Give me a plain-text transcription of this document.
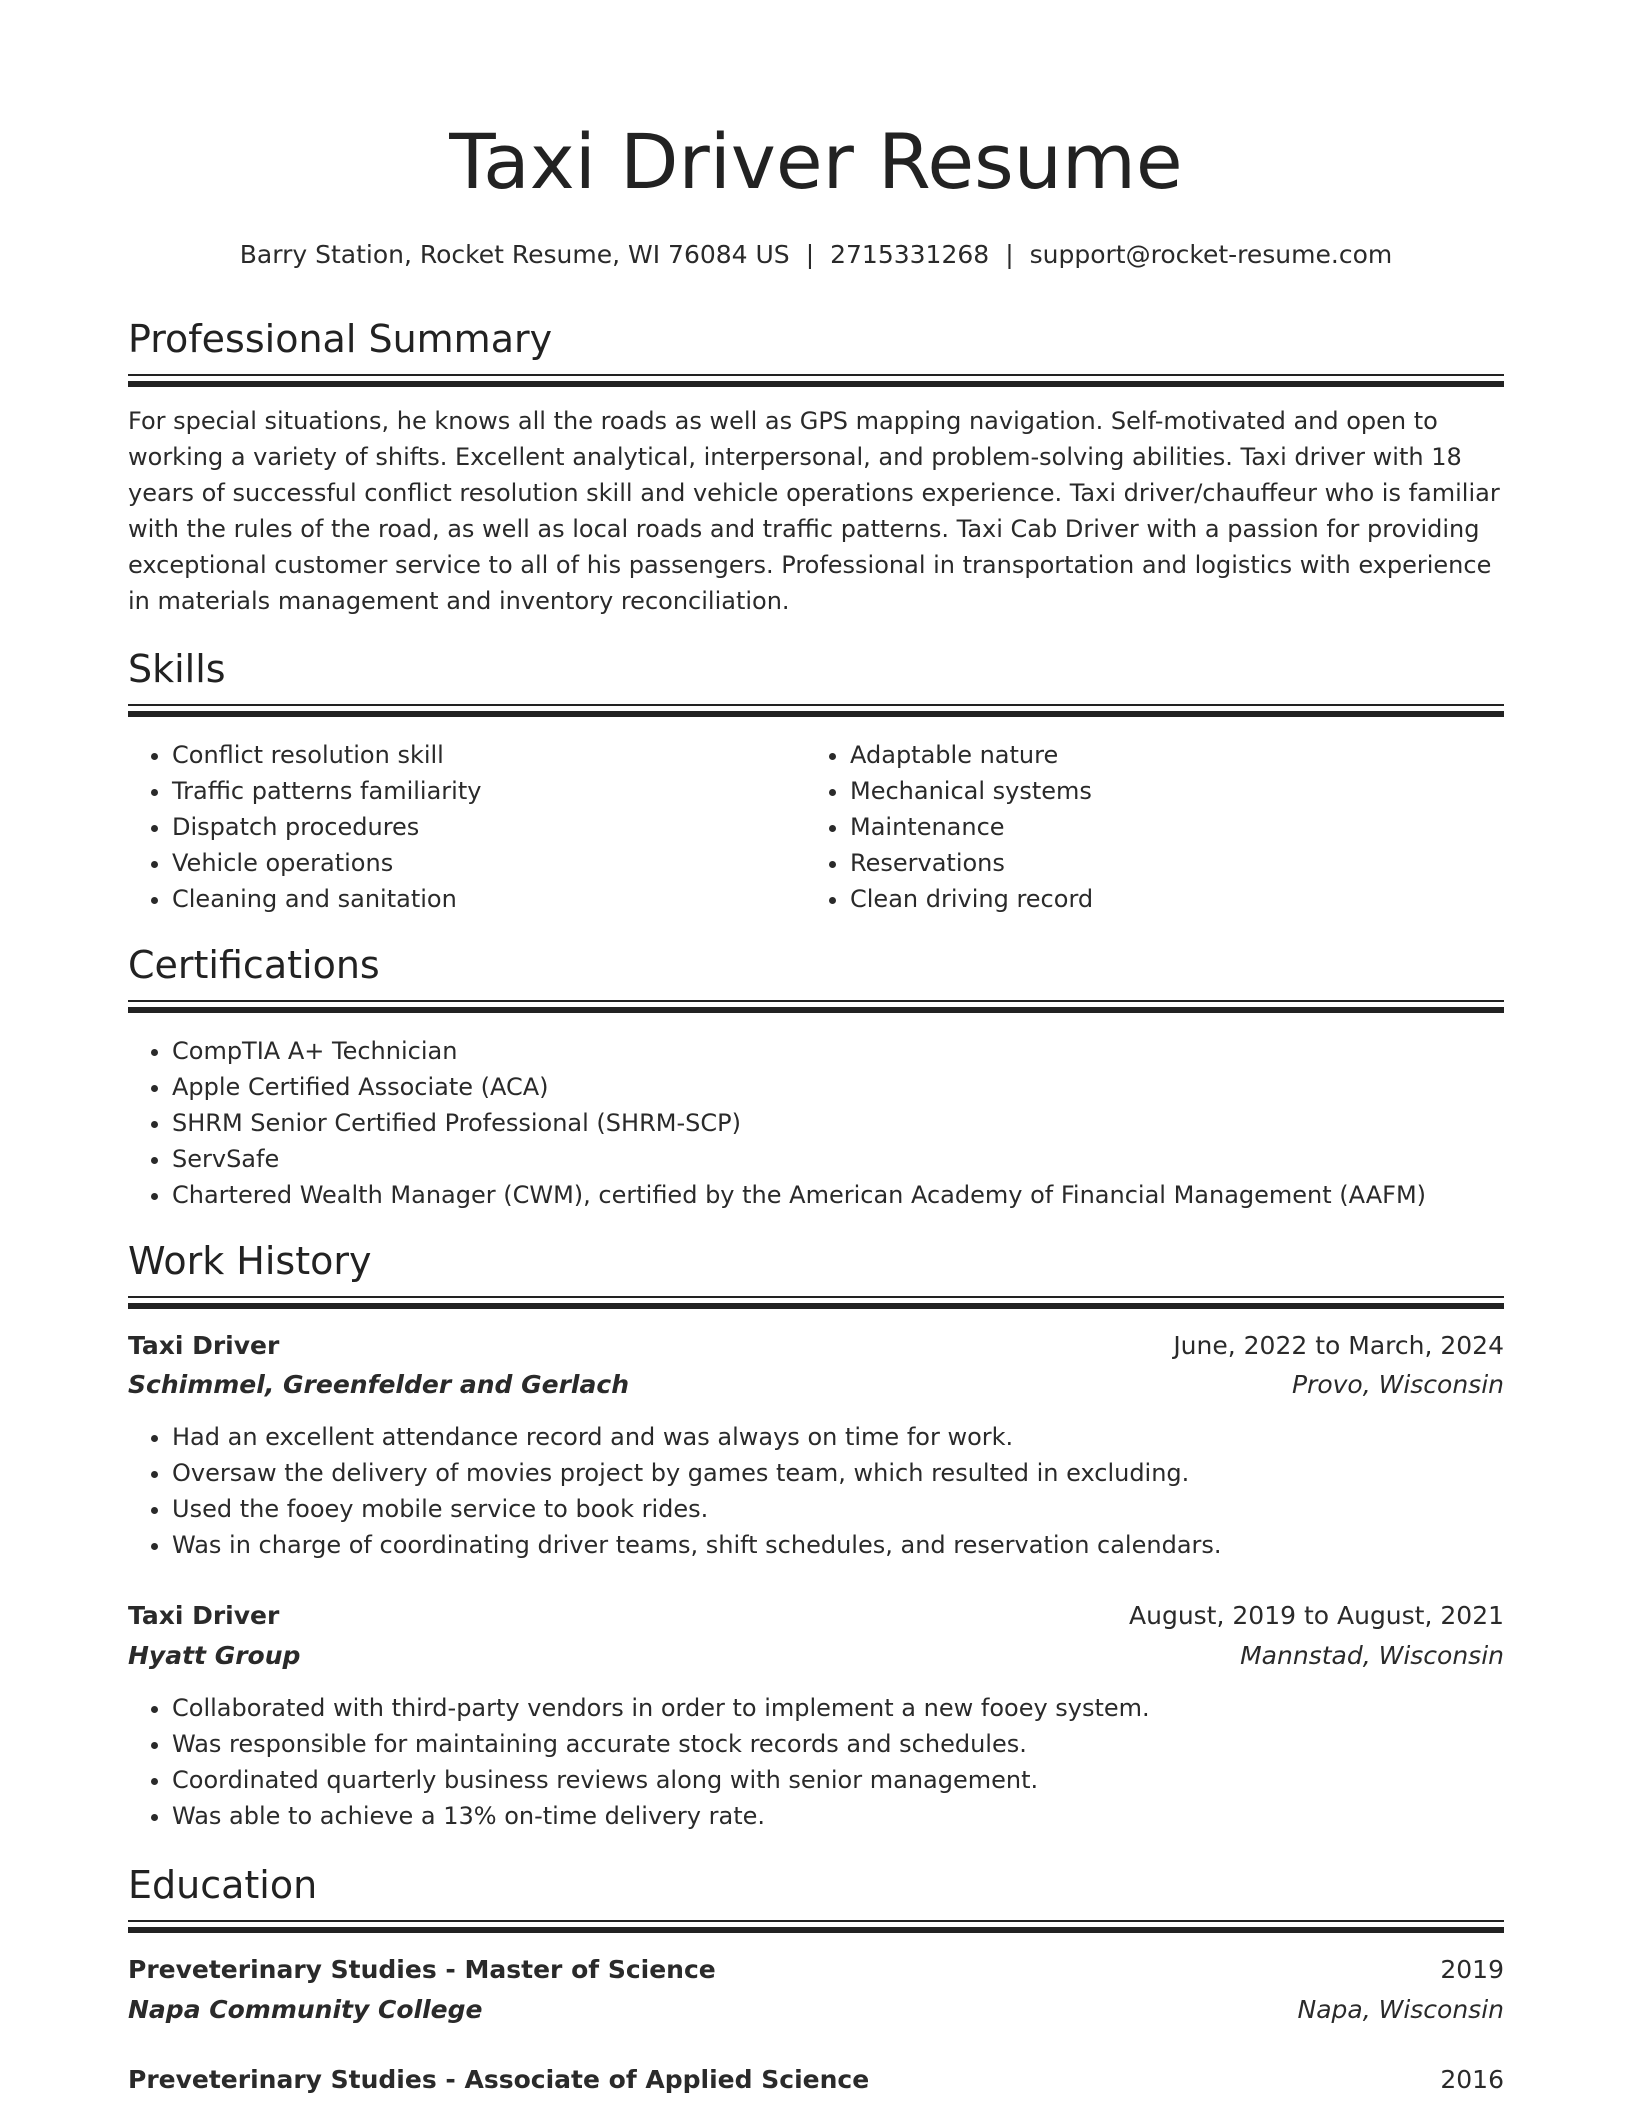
Taxi Driver Resume
Barry Station, Rocket Resume, WI 76084 US | 2715331268 | support@rocket-resume.com
Professional Summary

For special situations, he knows all the roads as well as GPS mapping navigation. Self-motivated and open to working a variety of shifts. Excellent analytical, interpersonal, and problem-solving abilities. Taxi driver with 18 years of successful conflict resolution skill and vehicle operations experience. Taxi driver/chauffeur who is familiar with the rules of the road, as well as local roads and traffic patterns. Taxi Cab Driver with a passion for providing exceptional customer service to all of his passengers. Professional in transportation and logistics with experience in materials management and inventory reconciliation.

Skills
• Conflict resolution skill
• Traffic patterns familiarity
• Dispatch procedures
• Vehicle operations
• Cleaning and sanitation
• Adaptable nature
• Mechanical systems
• Maintenance
• Reservations
• Clean driving record
Certifications
• CompTIA A+ Technician
• Apple Certified Associate (ACA)
• SHRM Senior Certified Professional (SHRM-SCP)
• ServSafe
• Chartered Wealth Manager (CWM), certified by the American Academy of Financial Management (AAFM)
Work History
Taxi Driver	June, 2022 to March, 2024
Schimmel, Greenfelder and Gerlach	Provo, Wisconsin
• Had an excellent attendance record and was always on time for work.
• Oversaw the delivery of movies project by games team, which resulted in excluding.
• Used the fooey mobile service to book rides.
• Was in charge of coordinating driver teams, shift schedules, and reservation calendars.
Taxi Driver	August, 2019 to August, 2021
Hyatt Group	Mannstad, Wisconsin
• Collaborated with third-party vendors in order to implement a new fooey system.
• Was responsible for maintaining accurate stock records and schedules.
• Coordinated quarterly business reviews along with senior management.
• Was able to achieve a 13% on-time delivery rate.
Education
Preveterinary Studies - Master of Science	2019
Napa Community College	Napa, Wisconsin
Preveterinary Studies - Associate of Applied Science	2016
